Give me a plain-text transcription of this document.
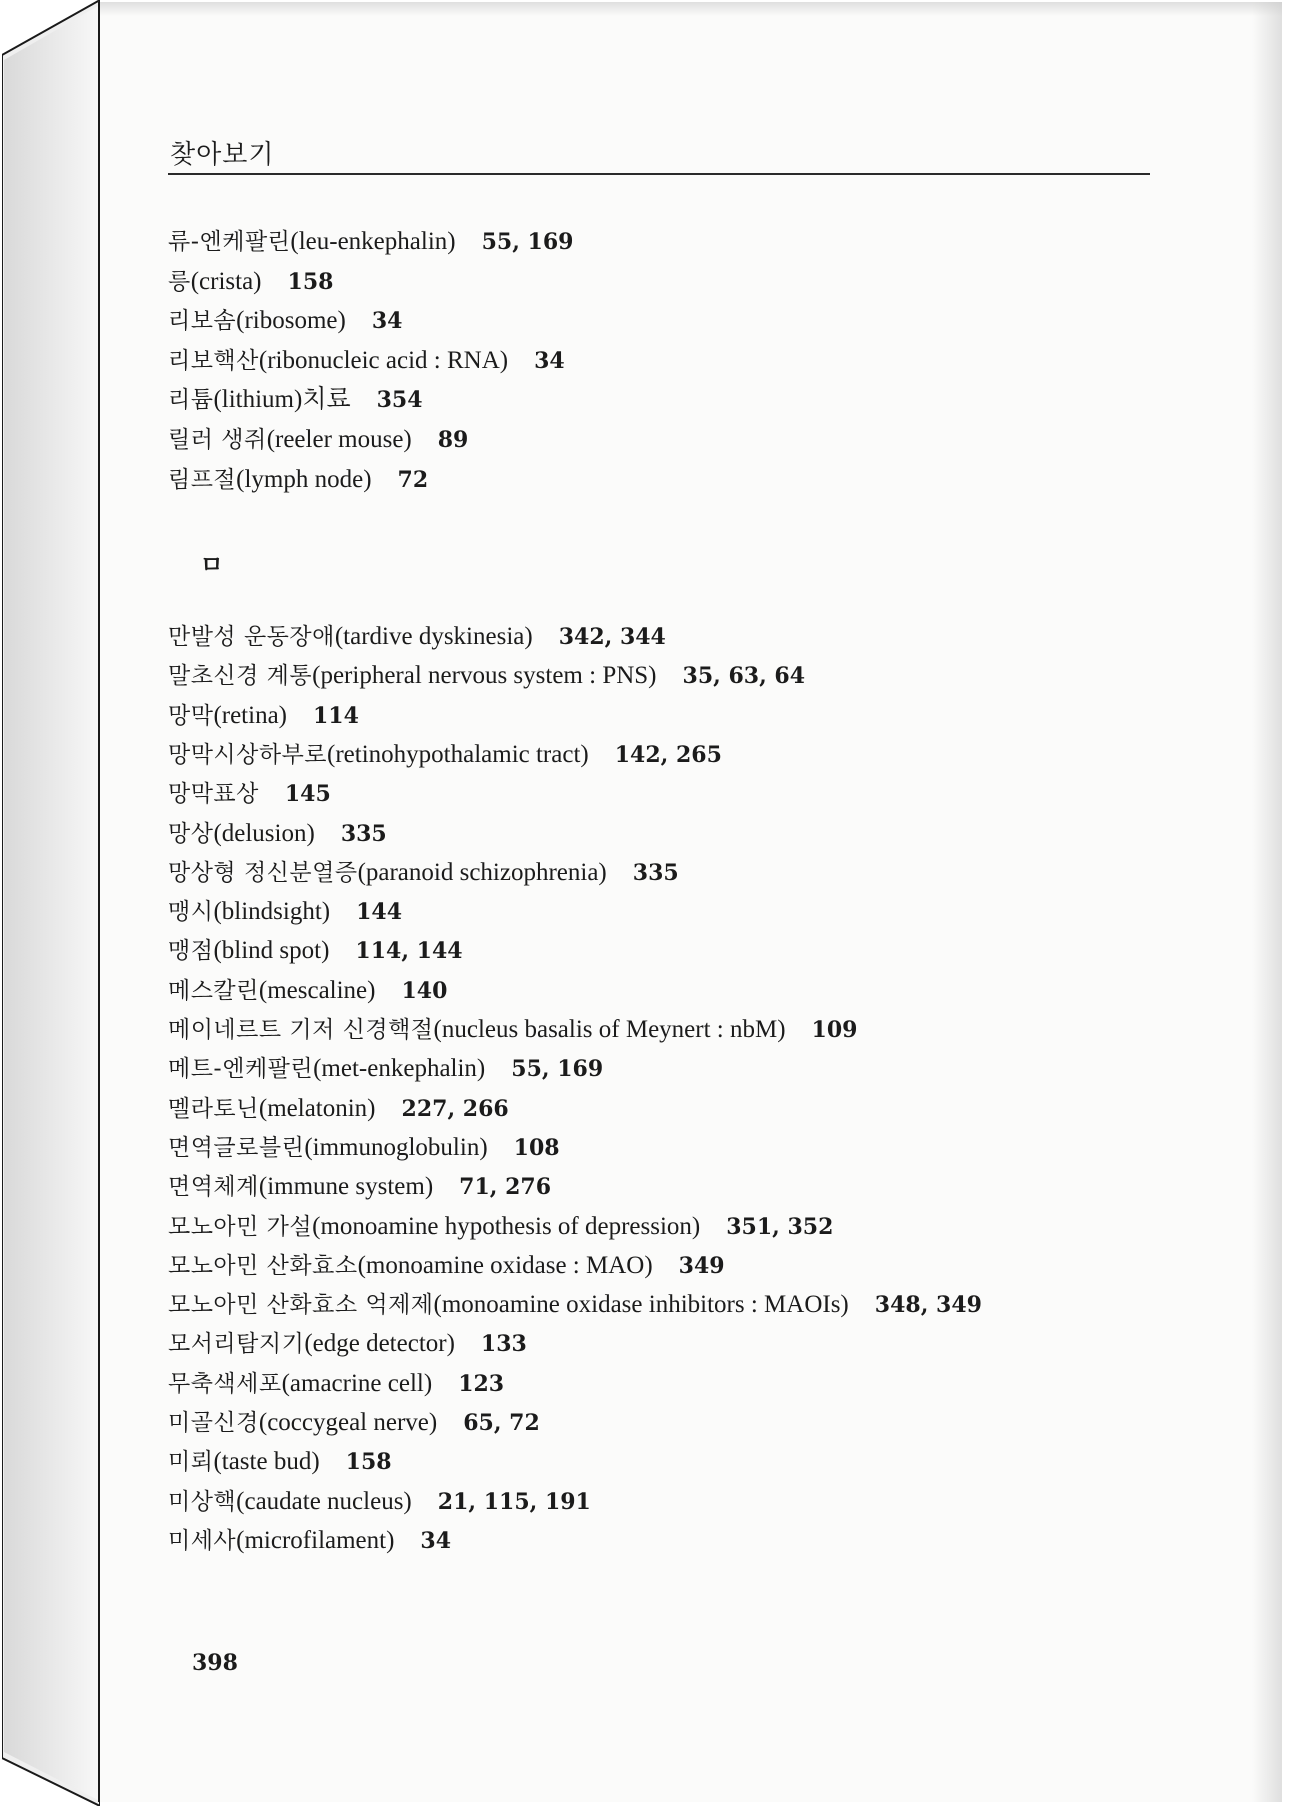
찾아보기
류-엔케팔린(leu-enkephalin) 55, 169
릉(crista) 158
리보솜(ribosome) 34
리보핵산(ribonucleic acid : RNA) 34
리튬(lithium)치료 354
릴러 생쥐(reeler mouse) 89
림프절(lymph node) 72
ㅁ
만발성 운동장애(tardive dyskinesia) 342, 344
말초신경 계통(peripheral nervous system : PNS) 35, 63, 64
망막(retina) 114
망막시상하부로(retinohypothalamic tract) 142, 265
망막표상 145
망상(delusion) 335
망상형 정신분열증(paranoid schizophrenia) 335
맹시(blindsight) 144
맹점(blind spot) 114, 144
메스칼린(mescaline) 140
메이네르트 기저 신경핵절(nucleus basalis of Meynert : nbM) 109
메트-엔케팔린(met-enkephalin) 55, 169
멜라토닌(melatonin) 227, 266
면역글로블린(immunoglobulin) 108
면역체계(immune system) 71, 276
모노아민 가설(monoamine hypothesis of depression) 351, 352
모노아민 산화효소(monoamine oxidase : MAO) 349
모노아민 산화효소 억제제(monoamine oxidase inhibitors : MAOIs) 348, 349
모서리탐지기(edge detector) 133
무축색세포(amacrine cell) 123
미골신경(coccygeal nerve) 65, 72
미뢰(taste bud) 158
미상핵(caudate nucleus) 21, 115, 191
미세사(microfilament) 34
398
